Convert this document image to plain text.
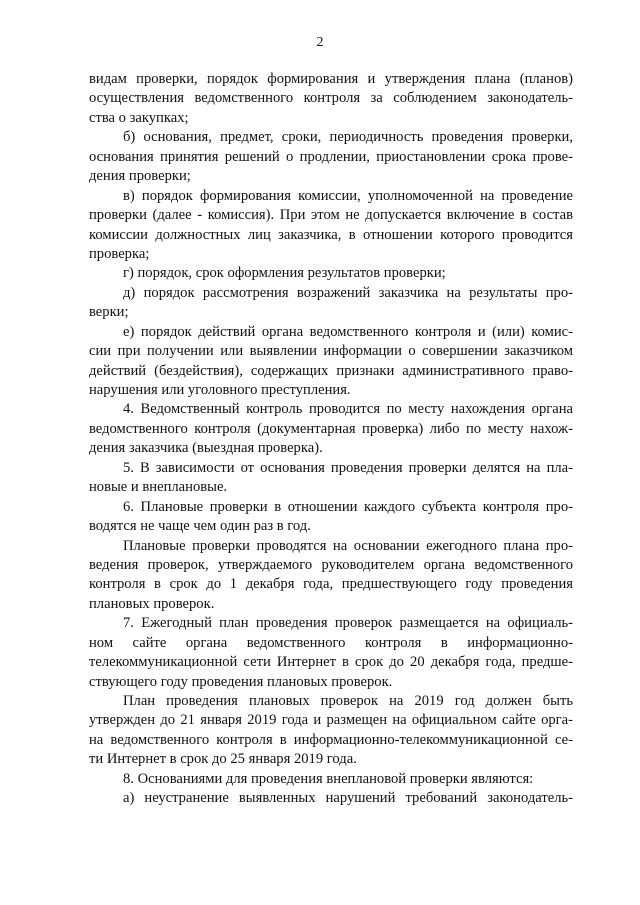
2
видам проверки, порядок формирования и утверждения плана (планов)
осуществления ведомственного контроля за соблюдением законодатель-
ства о закупках;
б) основания, предмет, сроки, периодичность проведения проверки,
основания принятия решений о продлении, приостановлении срока прове-
дения проверки;
в) порядок формирования комиссии, уполномоченной на проведение
проверки (далее - комиссия). При этом не допускается включение в состав
комиссии должностных лиц заказчика, в отношении которого проводится
проверка;
г) порядок, срок оформления результатов проверки;
д) порядок рассмотрения возражений заказчика на результаты про-
верки;
е) порядок действий органа ведомственного контроля и (или) комис-
сии при получении или выявлении информации о совершении заказчиком
действий (бездействия), содержащих признаки административного право-
нарушения или уголовного преступления.
4. Ведомственный контроль проводится по месту нахождения органа
ведомственного контроля (документарная проверка) либо по месту нахож-
дения заказчика (выездная проверка).
5. В зависимости от основания проведения проверки делятся на пла-
новые и внеплановые.
6. Плановые проверки в отношении каждого субъекта контроля про-
водятся не чаще чем один раз в год.
Плановые проверки проводятся на основании ежегодного плана про-
ведения проверок, утверждаемого руководителем органа ведомственного
контроля в срок до 1 декабря года, предшествующего году проведения
плановых проверок.
7. Ежегодный план проведения проверок размещается на официаль-
ном сайте органа ведомственного контроля в информационно-
телекоммуникационной сети Интернет в срок до 20 декабря года, предше-
ствующего году проведения плановых проверок.
План проведения плановых проверок на 2019 год должен быть
утвержден до 21 января 2019 года и размещен на официальном сайте орга-
на ведомственного контроля в информационно-телекоммуникационной се-
ти Интернет в срок до 25 января 2019 года.
8. Основаниями для проведения внеплановой проверки являются:
а) неустранение выявленных нарушений требований законодатель-
